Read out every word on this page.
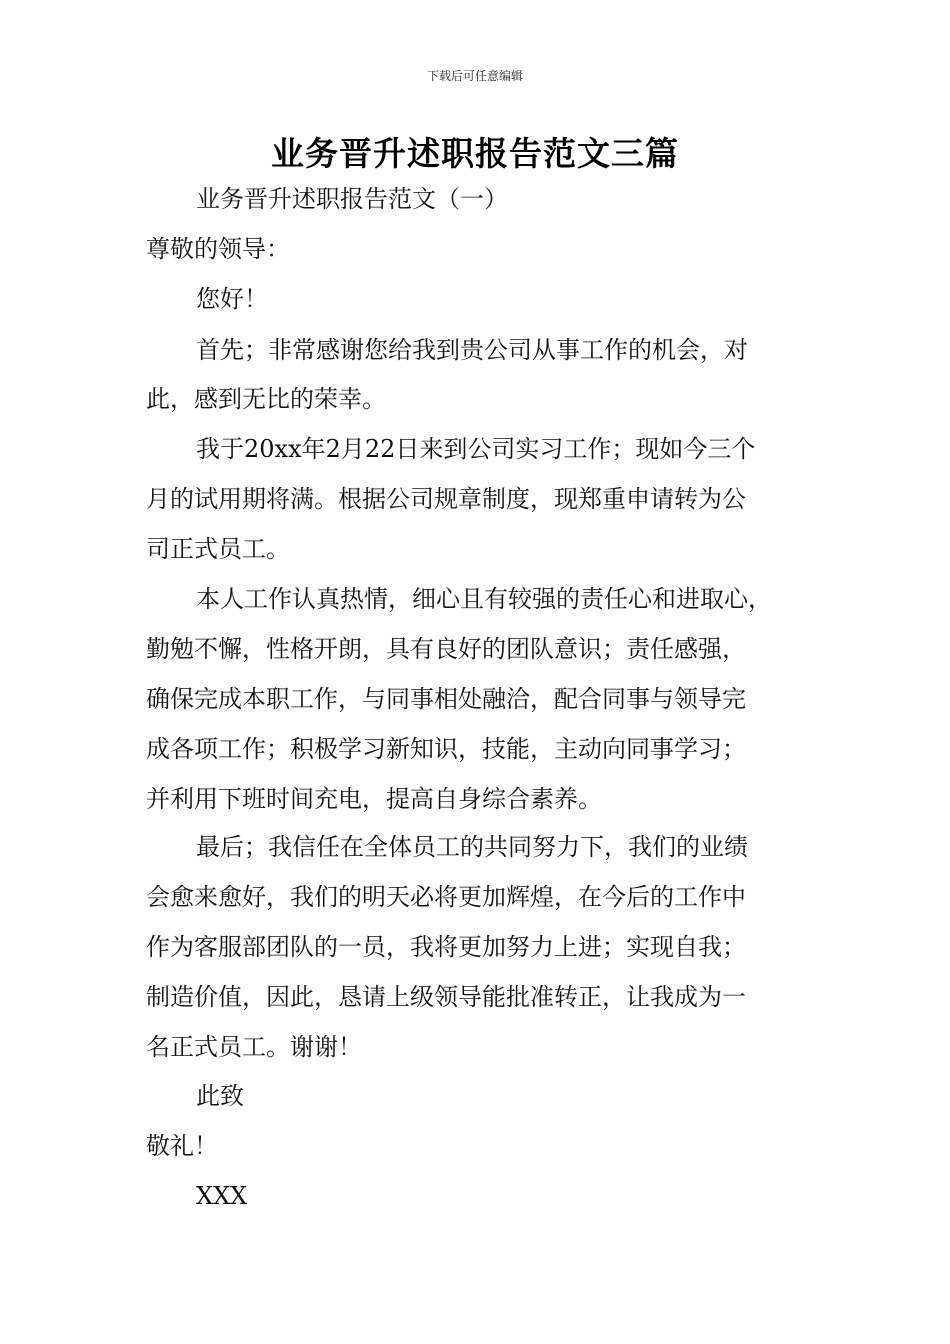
下载后可任意编辑
业务晋升述职报告范文三篇
业务晋升述职报告范文（一）
尊敬的领导：
您好！
首先；非常感谢您给我到贵公司从事工作的机会，对
此，感到无比的荣幸。
我于20xx年2月22日来到公司实习工作；现如今三个
月的试用期将满。根据公司规章制度，现郑重申请转为公
司正式员工。
本人工作认真热情，细心且有较强的责任心和进取心，
勤勉不懈，性格开朗，具有良好的团队意识；责任感强，
确保完成本职工作，与同事相处融洽，配合同事与领导完
成各项工作；积极学习新知识，技能，主动向同事学习；
并利用下班时间充电，提高自身综合素养。
最后；我信任在全体员工的共同努力下，我们的业绩
会愈来愈好，我们的明天必将更加辉煌，在今后的工作中
作为客服部团队的一员，我将更加努力上进；实现自我；
制造价值，因此，恳请上级领导能批准转正，让我成为一
名正式员工。谢谢！
此致
敬礼！
XXX
